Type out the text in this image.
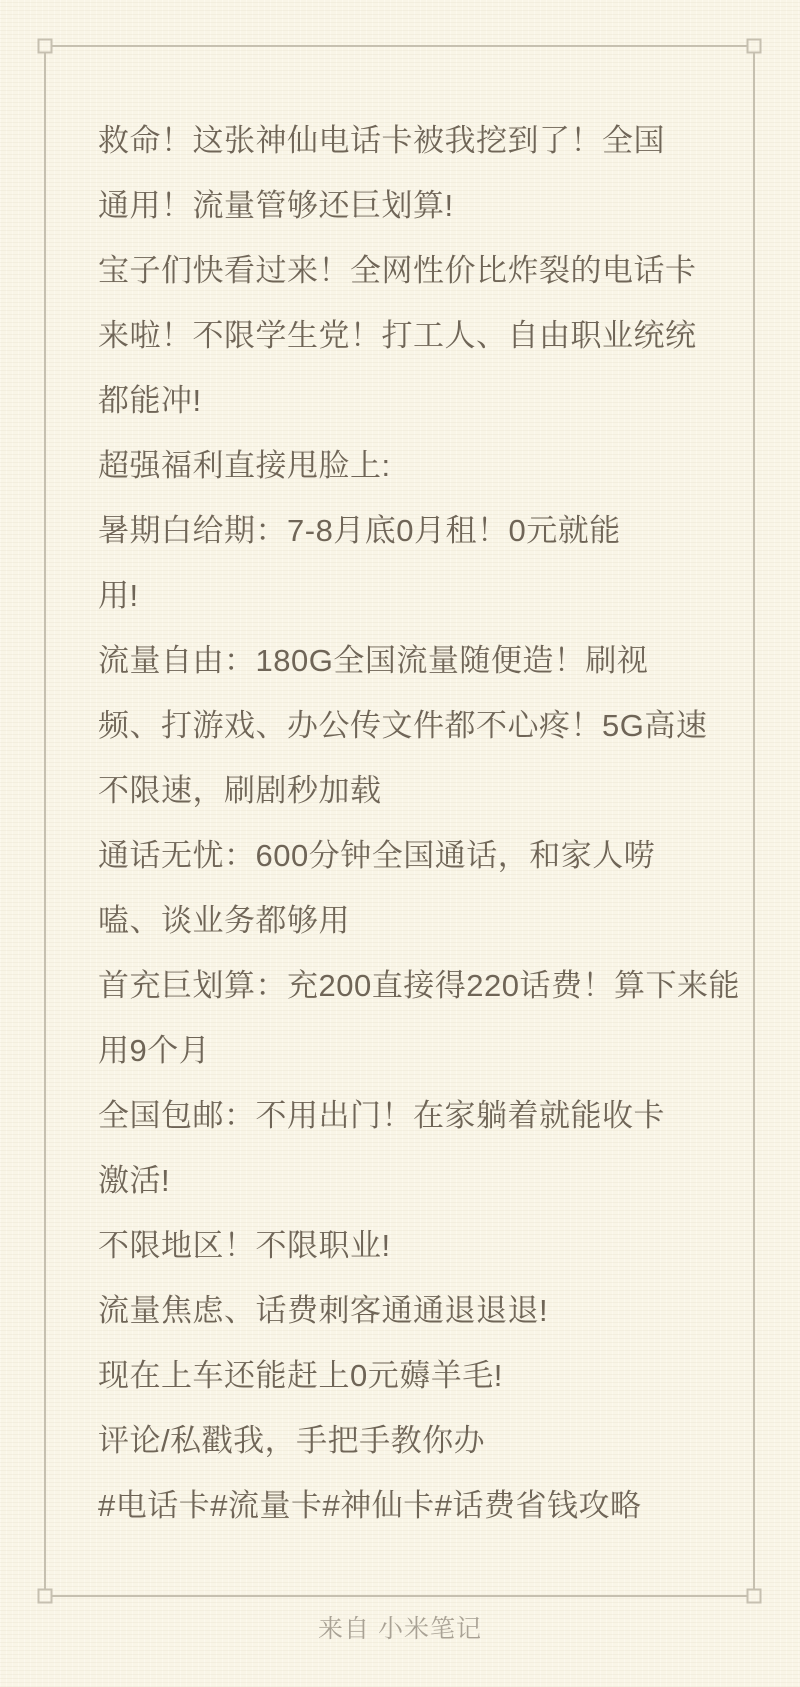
救命！这张神仙电话卡被我挖到了！全国
通用！流量管够还巨划算!
宝子们快看过来！全网性价比炸裂的电话卡
来啦！不限学生党！打工人、自由职业统统
都能冲!
超强福利直接甩脸上:
暑期白给期：7-8月底0月租！0元就能
用!
流量自由：180G全国流量随便造！刷视
频、打游戏、办公传文件都不心疼！5G高速
不限速，刷剧秒加载
通话无忧：600分钟全国通话，和家人唠
嗑、谈业务都够用
首充巨划算：充200直接得220话费！算下来能
用9个月
全国包邮：不用出门！在家躺着就能收卡
激活!
不限地区！不限职业!
流量焦虑、话费刺客通通退退退!
现在上车还能赶上0元薅羊毛!
评论/私戳我，手把手教你办
#电话卡#流量卡#神仙卡#话费省钱攻略
来自 小米笔记
